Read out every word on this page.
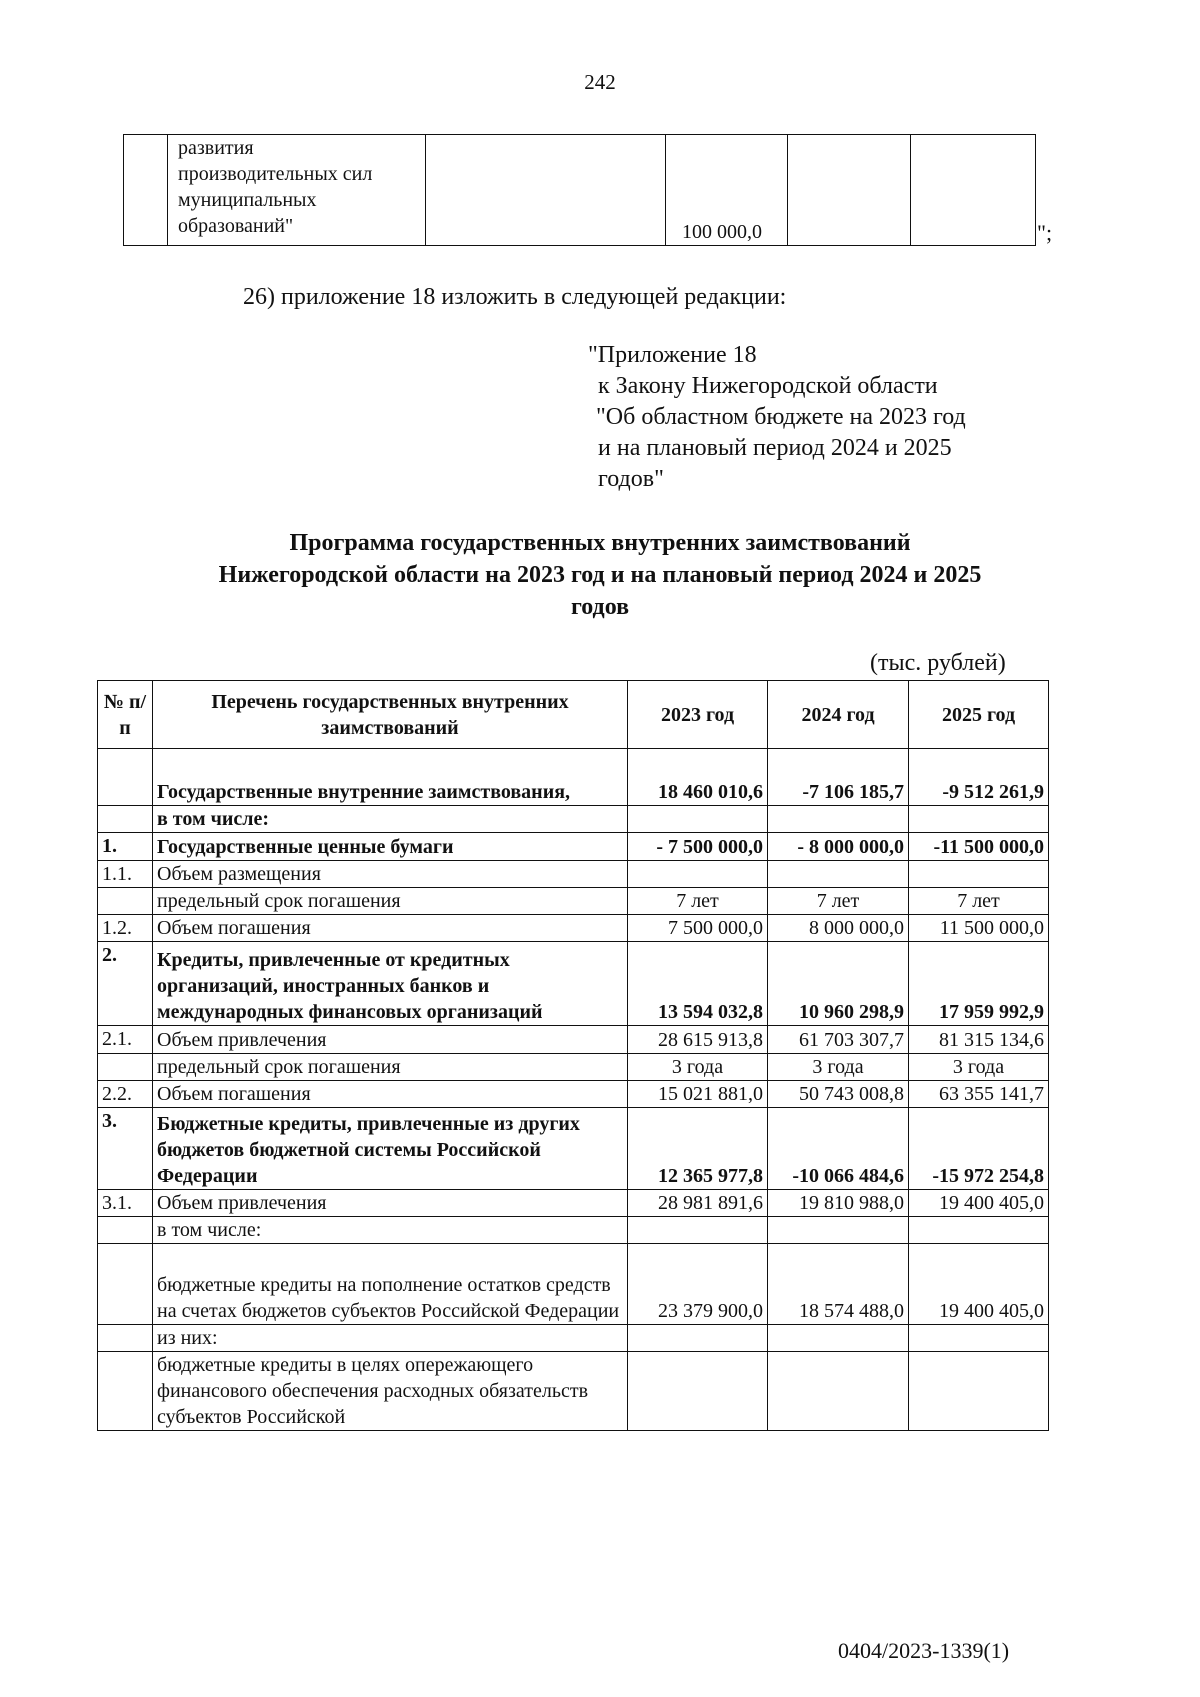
242

развития
производительных сил
муниципальных
образований"		100 000,0			";
26) приложение 18 изложить в следующей редакции:
"Приложение 18
к Закону Нижегородской области
"Об областном бюджете на 2023 год
и на плановый период 2024 и 2025
годов"
Программа государственных внутренних заимствований
Нижегородской области на 2023 год и на плановый период 2024 и 2025
годов
(тыс. рублей)
№ п/п	Перечень государственных внутренних заимствований	2023 год	2024 год	2025 год
	Государственные внутренние заимствования,	18 460 010,6	-7 106 185,7	-9 512 261,9
	в том числе:			
1.	Государственные ценные бумаги	- 7 500 000,0	- 8 000 000,0	-11 500 000,0
1.1.	Объем размещения			
	предельный срок погашения	7 лет	7 лет	7 лет
1.2.	Объем погашения	7 500 000,0	8 000 000,0	11 500 000,0
2.	Кредиты, привлеченные от кредитных организаций, иностранных банков и международных финансовых организаций	13 594 032,8	10 960 298,9	17 959 992,9
2.1.	Объем привлечения	28 615 913,8	61 703 307,7	81 315 134,6
	предельный срок погашения	3 года	3 года	3 года
2.2.	Объем погашения	15 021 881,0	50 743 008,8	63 355 141,7
3.	Бюджетные кредиты, привлеченные из других бюджетов бюджетной системы Российской Федерации	12 365 977,8	-10 066 484,6	-15 972 254,8
3.1.	Объем привлечения	28 981 891,6	19 810 988,0	19 400 405,0
	в том числе:			
	бюджетные кредиты на пополнение остатков средств на счетах бюджетов субъектов Российской Федерации	23 379 900,0	18 574 488,0	19 400 405,0
	из них:			
	бюджетные кредиты в целях опережающего финансового обеспечения расходных обязательств субъектов Российской			
0404/2023-1339(1)
